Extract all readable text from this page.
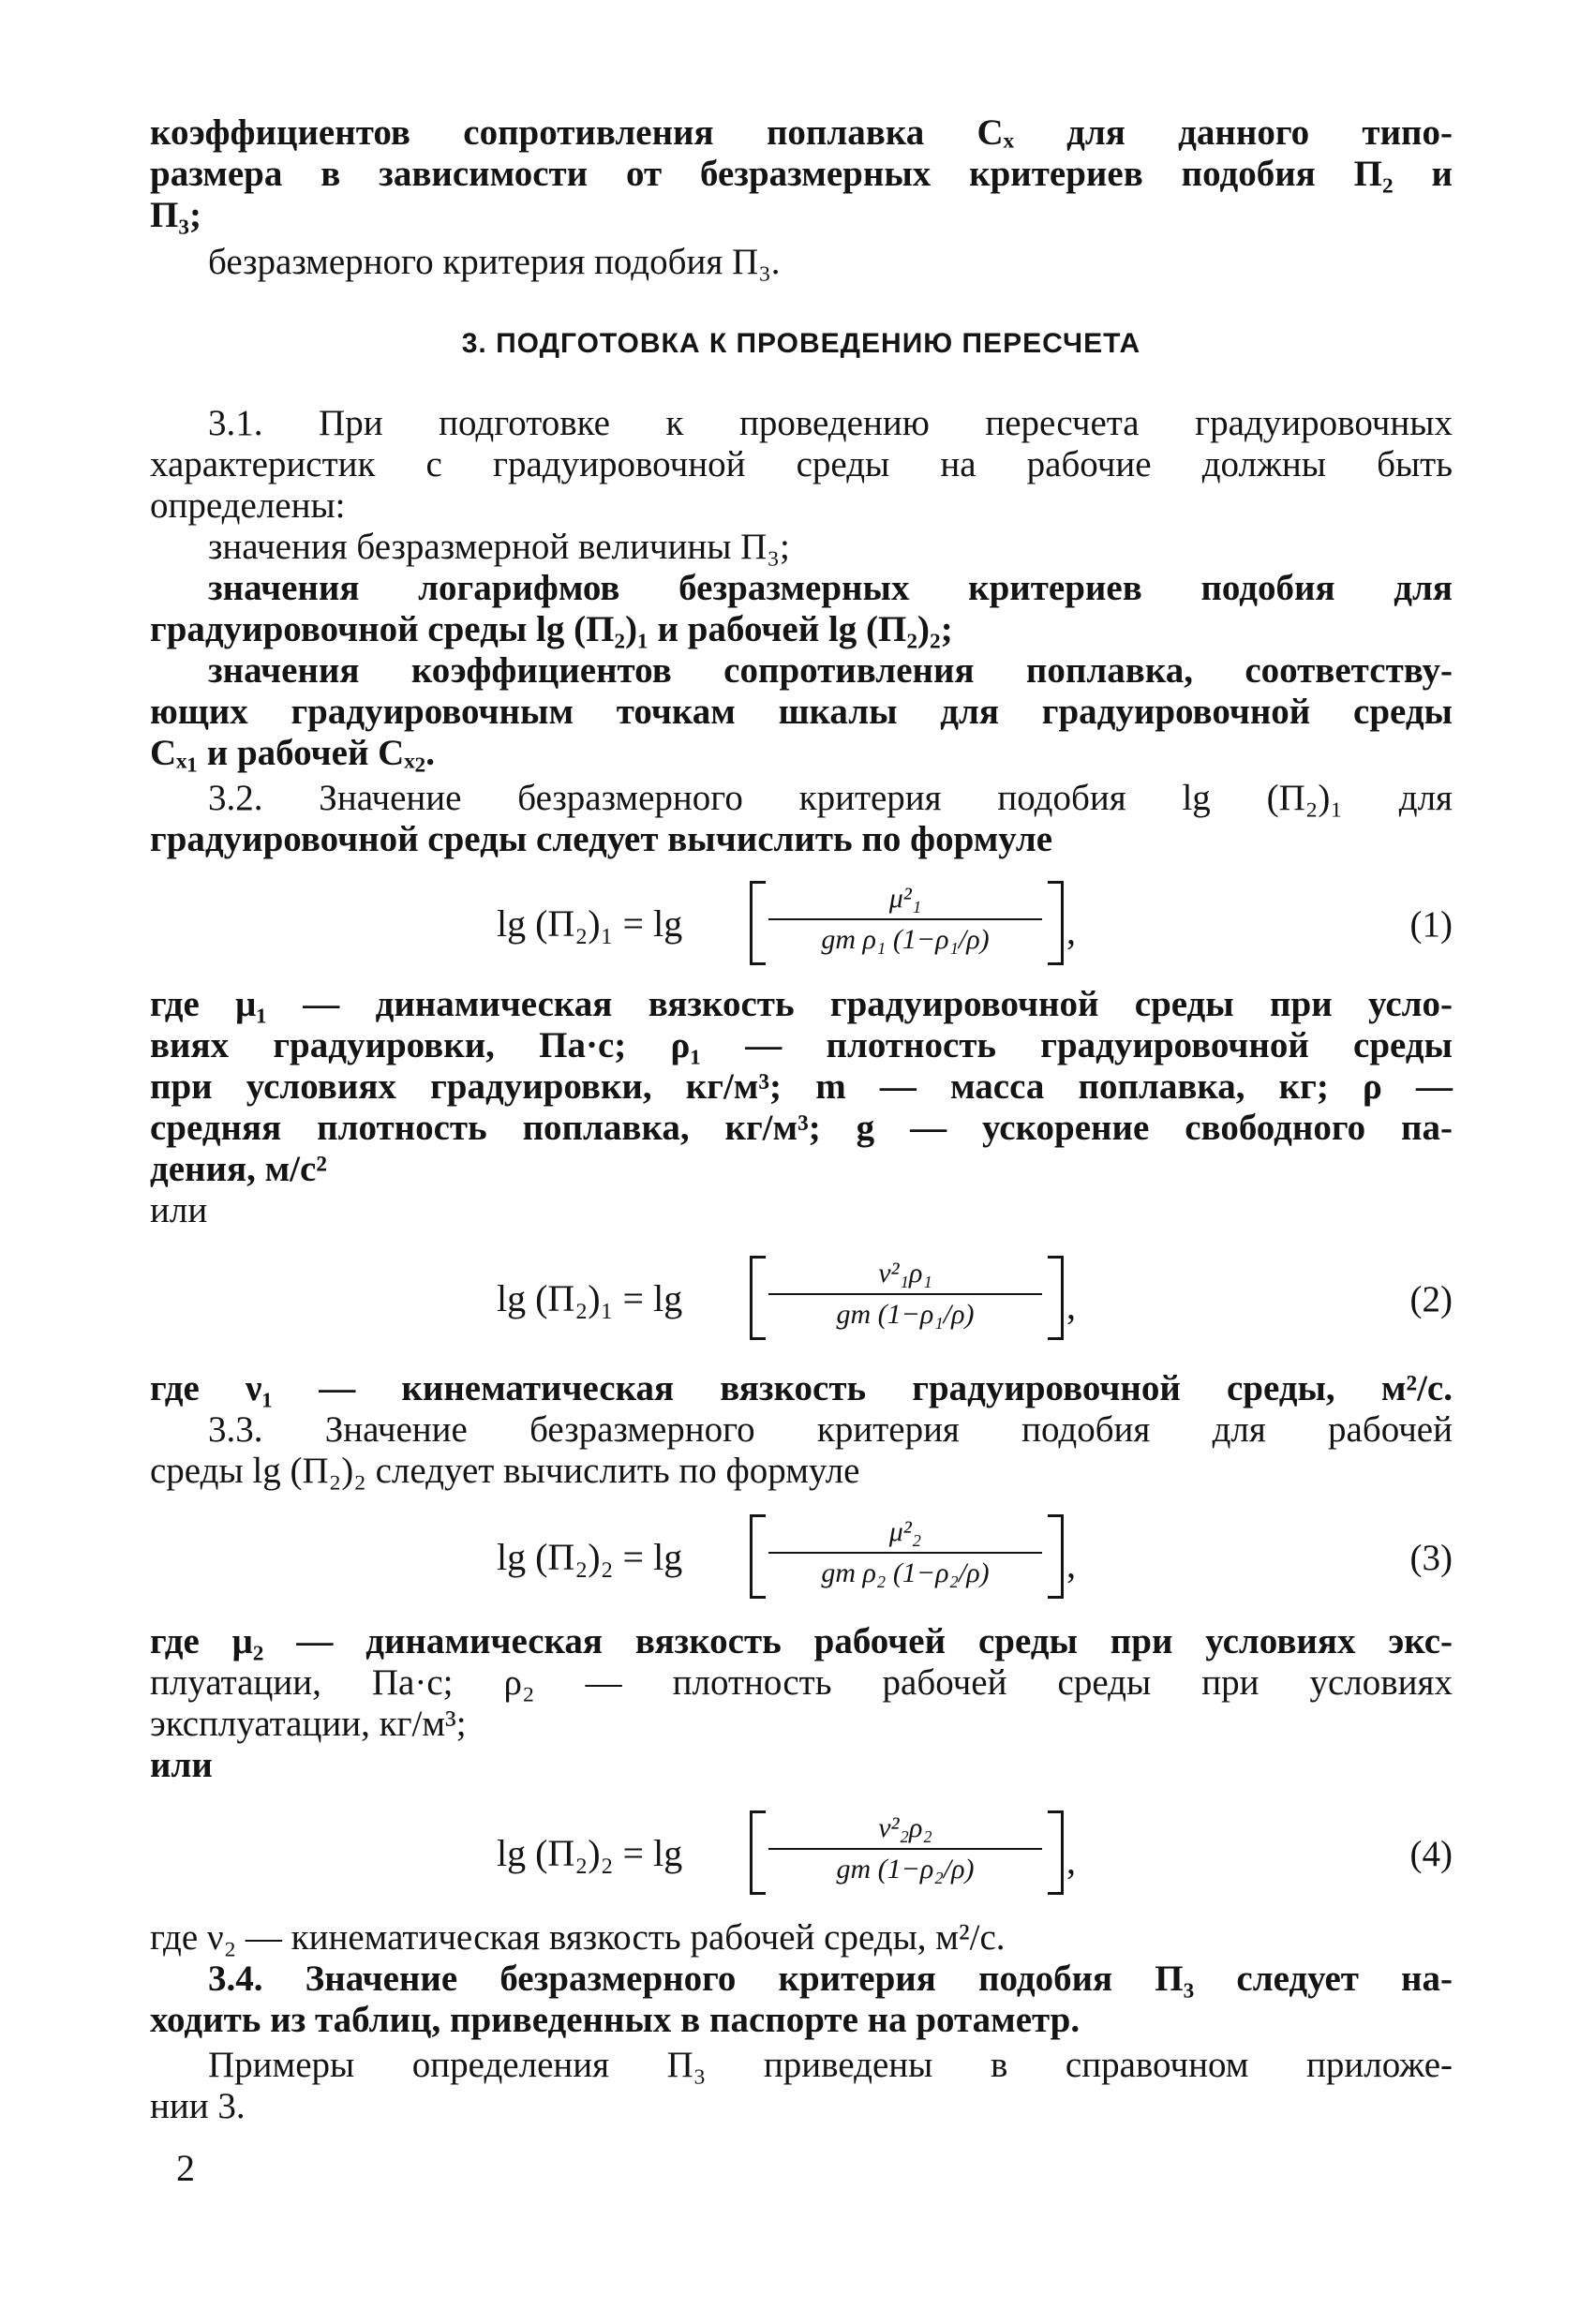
коэффициентов сопротивления поплавка Cₓ для данного типо-
размера в зависимости от безразмерных критериев подобия П₂ и
П₃;
безразмерного критерия подобия П₃.
3. ПОДГОТОВКА К ПРОВЕДЕНИЮ ПЕРЕСЧЕТА
3.1. При подготовке к проведению пересчета градуировочных
характеристик с градуировочной среды на рабочие должны быть
определены:
значения безразмерной величины П₃;
значения логарифмов безразмерных критериев подобия для
градуировочной среды lg (П₂)₁ и рабочей lg (П₂)₂;
значения коэффициентов сопротивления поплавка, соответству-
ющих градуировочным точкам шкалы для градуировочной среды
Cₓ₁ и рабочей Cₓ₂.
3.2. Значение безразмерного критерия подобия lg (П₂)₁ для
градуировочной среды следует вычислить по формуле
lg (П₂)₁ = lg
μ²₁
gm ρ₁ (1−ρ₁/ρ)	,	(1)
где μ₁ — динамическая вязкость градуировочной среды при усло-
виях градуировки, Па·с; ρ₁ — плотность градуировочной среды
при условиях градуировки, кг/м³; m — масса поплавка, кг; ρ —
средняя плотность поплавка, кг/м³; g — ускорение свободного па-
дения, м/с²
или
lg (П₂)₁ = lg
ν²₁ρ₁
gm (1−ρ₁/ρ)	,	(2)
где ν₁ — кинематическая вязкость градуировочной среды, м²/с.
3.3. Значение безразмерного критерия подобия для рабочей
среды lg (П₂)₂ следует вычислить по формуле
lg (П₂)₂ = lg
μ²₂
gm ρ₂ (1−ρ₂/ρ)	,	(3)
где μ₂ — динамическая вязкость рабочей среды при условиях экс-
плуатации, Па·с; ρ₂ — плотность рабочей среды при условиях
эксплуатации, кг/м³;
или
lg (П₂)₂ = lg
ν²₂ρ₂
gm (1−ρ₂/ρ)	,	(4)
где ν₂ — кинематическая вязкость рабочей среды, м²/с.
3.4. Значение безразмерного критерия подобия П₃ следует на-
ходить из таблиц, приведенных в паспорте на ротаметр.
Примеры определения П₃ приведены в справочном приложе-
нии 3.
2
